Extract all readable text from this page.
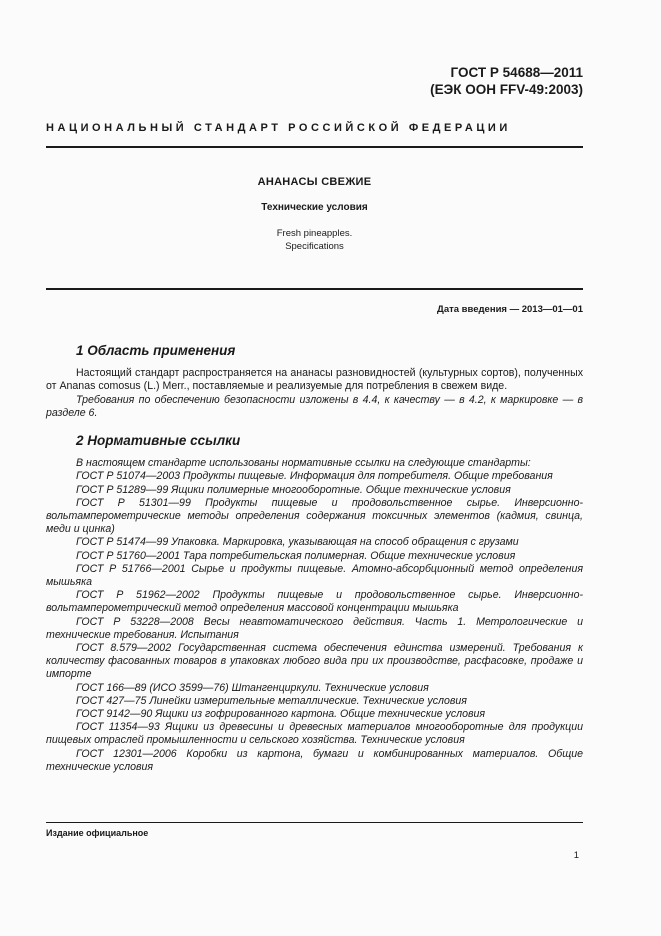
ГОСТ Р 54688—2011
(ЕЭК ООН FFV-49:2003)
НАЦИОНАЛЬНЫЙ СТАНДАРТ РОССИЙСКОЙ ФЕДЕРАЦИИ
АНАНАСЫ СВЕЖИЕ
Технические условия
Fresh pineapples.
Specifications
Дата введения — 2013—01—01
1 Область применения

Настоящий стандарт распространяется на ананасы разновидностей (культурных сортов), полученных от Ananas comosus (L.) Merr., поставляемые и реализуемые для потребления в свежем виде.

Требования по обеспечению безопасности изложены в 4.4, к качеству — в 4.2, к маркировке — в разделе 6.

2 Нормативные ссылки

В настоящем стандарте использованы нормативные ссылки на следующие стандарты:

ГОСТ Р 51074—2003 Продукты пищевые. Информация для потребителя. Общие требования

ГОСТ Р 51289—99 Ящики полимерные многооборотные. Общие технические условия

ГОСТ Р 51301—99 Продукты пищевые и продовольственное сырье. Инверсионно-вольтамперометрические методы определения содержания токсичных элементов (кадмия, свинца, меди и цинка)

ГОСТ Р 51474—99 Упаковка. Маркировка, указывающая на способ обращения с грузами

ГОСТ Р 51760—2001 Тара потребительская полимерная. Общие технические условия

ГОСТ Р 51766—2001 Сырье и продукты пищевые. Атомно-абсорбционный метод определения мышьяка

ГОСТ Р 51962—2002 Продукты пищевые и продовольственное сырье. Инверсионно-вольтамперометрический метод определения массовой концентрации мышьяка

ГОСТ Р 53228—2008 Весы неавтоматического действия. Часть 1. Метрологические и технические требования. Испытания

ГОСТ 8.579—2002 Государственная система обеспечения единства измерений. Требования к количеству фасованных товаров в упаковках любого вида при их производстве, расфасовке, продаже и импорте

ГОСТ 166—89 (ИСО 3599—76) Штангенциркули. Технические условия

ГОСТ 427—75 Линейки измерительные металлические. Технические условия

ГОСТ 9142—90 Ящики из гофрированного картона. Общие технические условия

ГОСТ 11354—93 Ящики из древесины и древесных материалов многооборотные для продукции пищевых отраслей промышленности и сельского хозяйства. Технические условия

ГОСТ 12301—2006 Коробки из картона, бумаги и комбинированных материалов. Общие технические условия

Издание официальное
1
